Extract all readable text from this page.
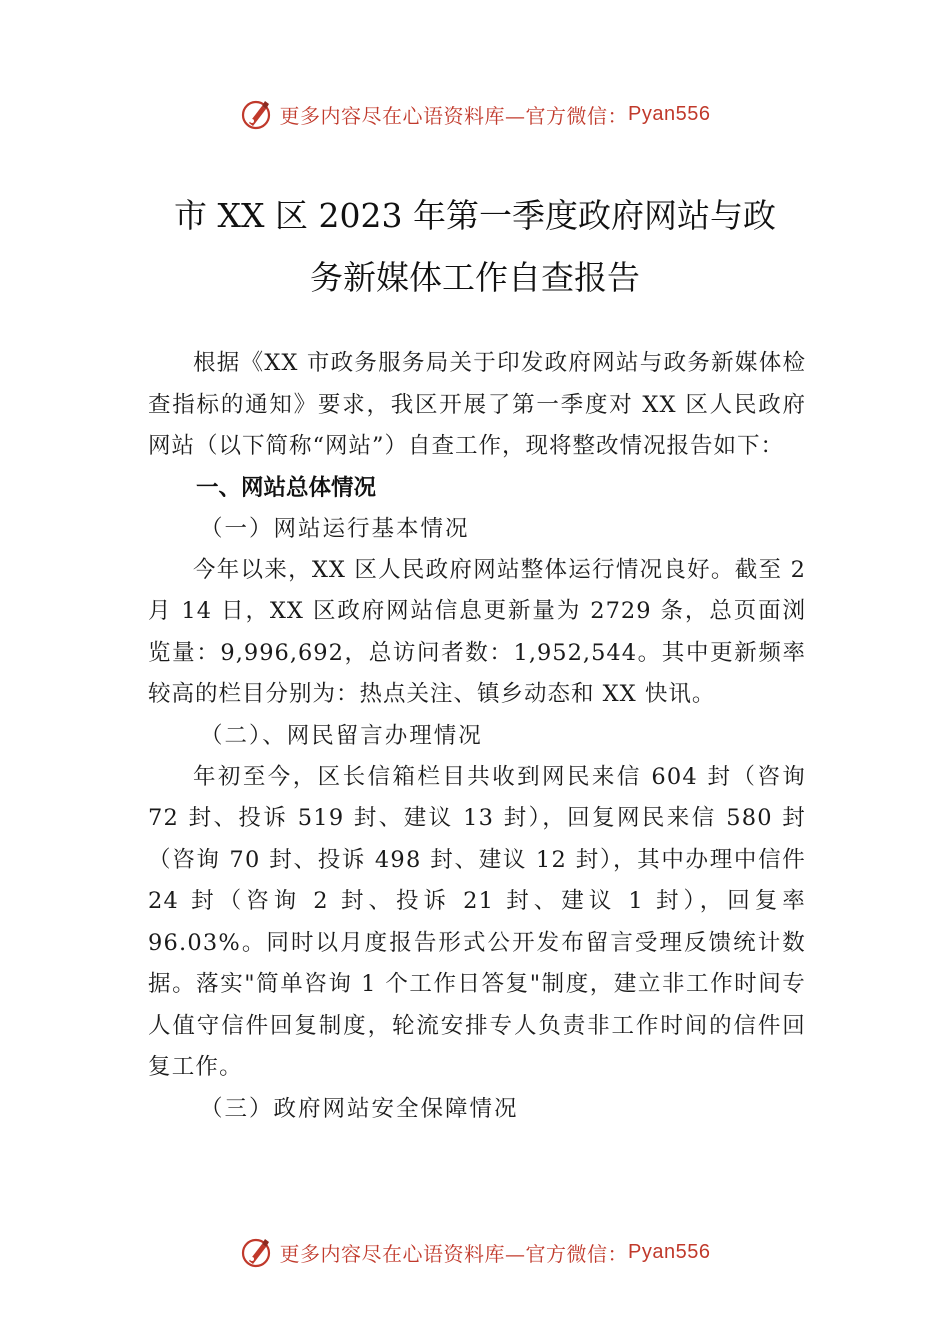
更多内容尽在心语资料库—官方微信： Pyan556
市 XX 区 2023 年第一季度政府网站与政
务新媒体工作自查报告

根据《XX 市政务服务局关于印发政府网站与政务新媒体检查指标的通知》要求，我区开展了第一季度对 XX 区人民政府网站（以下简称“网站”）自查工作，现将整改情况报告如下：

一、网站总体情况

（一）网站运行基本情况

今年以来，XX 区人民政府网站整体运行情况良好。截至 2 月 14 日，XX 区政府网站信息更新量为 2729 条，总页面浏览量：9,996,692，总访问者数：1,952,544。其中更新频率较高的栏目分别为：热点关注、镇乡动态和 XX 快讯。

（二）、网民留言办理情况

年初至今，区长信箱栏目共收到网民来信 604 封（咨询 72 封、投诉 519 封、建议 13 封），回复网民来信 580 封（咨询 70 封、投诉 498 封、建议 12 封），其中办理中信件 24 封（咨询 2 封、投诉 21 封、建议 1 封），回复率 96.03%。同时以月度报告形式公开发布留言受理反馈统计数据。落实"简单咨询 1 个工作日答复"制度，建立非工作时间专人值守信件回复制度，轮流安排专人负责非工作时间的信件回复工作。

（三）政府网站安全保障情况

更多内容尽在心语资料库—官方微信： Pyan556
